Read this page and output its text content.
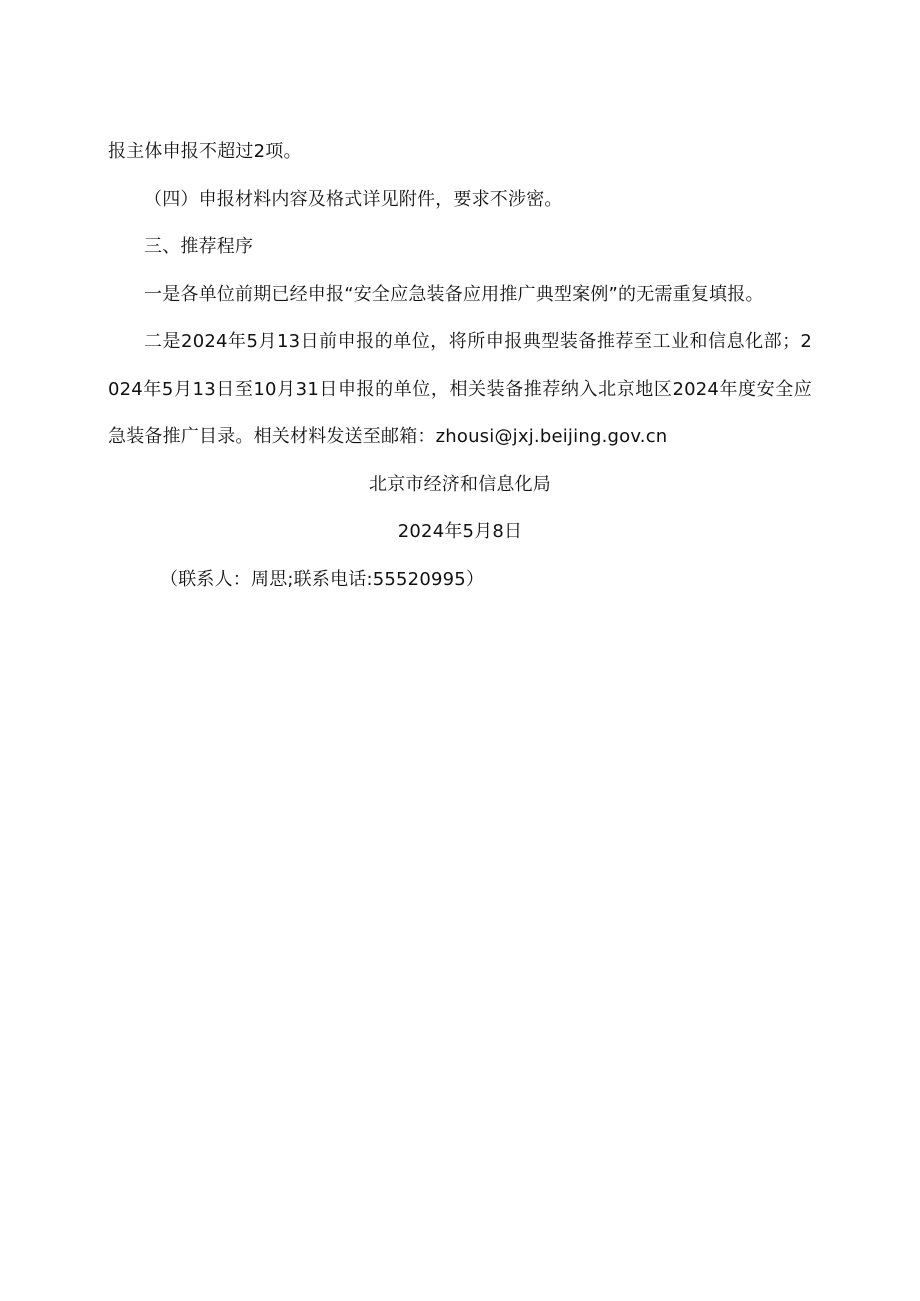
报主体申报不超过2项。

（四）申报材料内容及格式详见附件，要求不涉密。

三、推荐程序

一是各单位前期已经申报“安全应急装备应用推广典型案例”的无需重复填报。

二是2024年5月13日前申报的单位，将所申报典型装备推荐至工业和信息化部；2024年5月13日至10月31日申报的单位，相关装备推荐纳入北京地区2024年度安全应急装备推广目录。相关材料发送至邮箱：zhousi@jxj.beijing.gov.cn

北京市经济和信息化局

2024年5月8日

（联系人：周思;联系电话:55520995）
